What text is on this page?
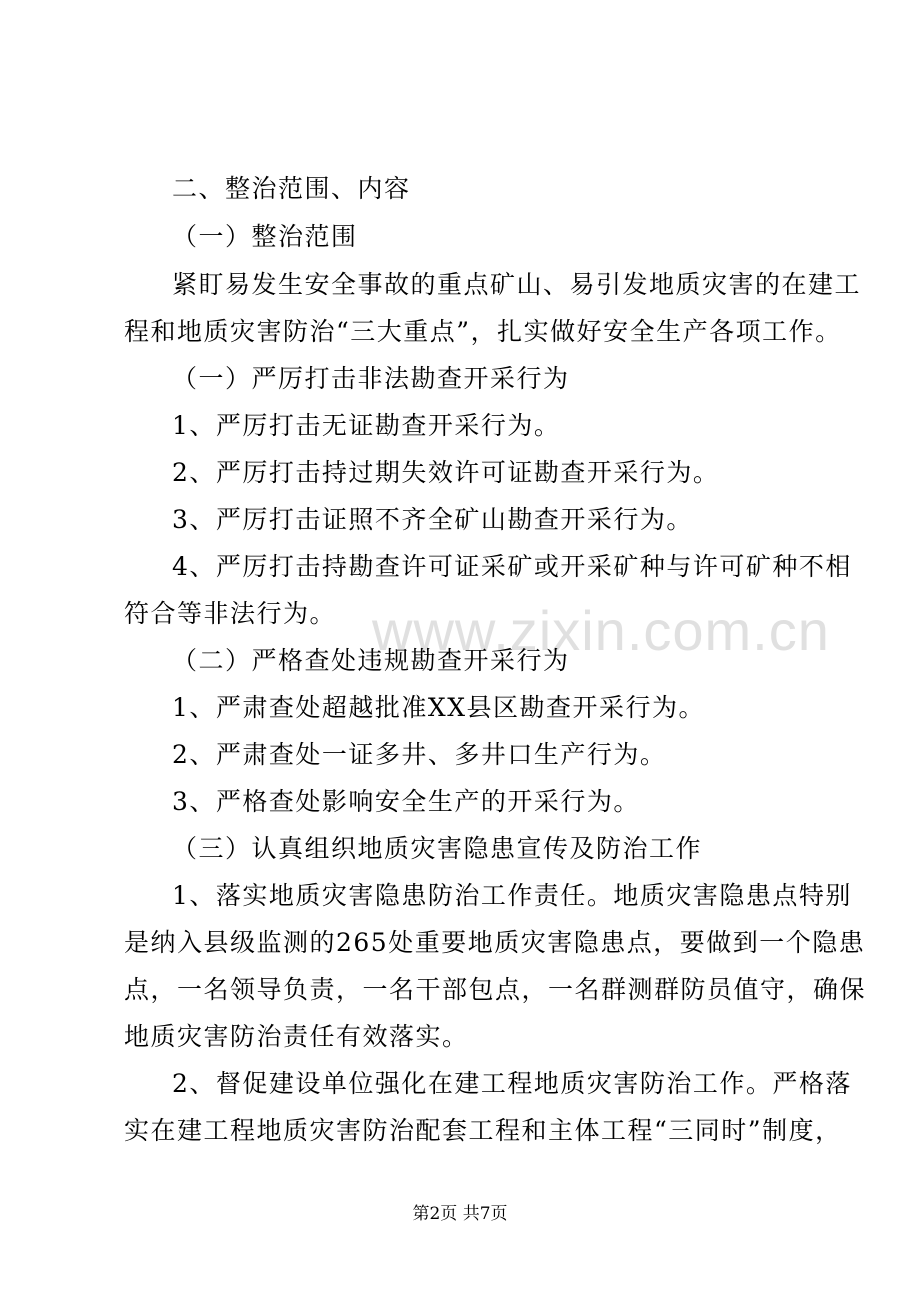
www.zixin.com.cn
二、整治范围、内容
（一）整治范围
紧盯易发生安全事故的重点矿山、易引发地质灾害的在建工
程和地质灾害防治“三大重点”，扎实做好安全生产各项工作。
（一）严厉打击非法勘查开采行为
1、严厉打击无证勘查开采行为。
2、严厉打击持过期失效许可证勘查开采行为。
3、严厉打击证照不齐全矿山勘查开采行为。
4、严厉打击持勘查许可证采矿或开采矿种与许可矿种不相
符合等非法行为。
（二）严格查处违规勘查开采行为
1、严肃查处超越批准XX县区勘查开采行为。
2、严肃查处一证多井、多井口生产行为。
3、严格查处影响安全生产的开采行为。
（三）认真组织地质灾害隐患宣传及防治工作
1、落实地质灾害隐患防治工作责任。地质灾害隐患点特别
是纳入县级监测的265处重要地质灾害隐患点，要做到一个隐患
点，一名领导负责，一名干部包点，一名群测群防员值守，确保
地质灾害防治责任有效落实。
2、督促建设单位强化在建工程地质灾害防治工作。严格落
实在建工程地质灾害防治配套工程和主体工程“三同时”制度，
第2页 共7页
